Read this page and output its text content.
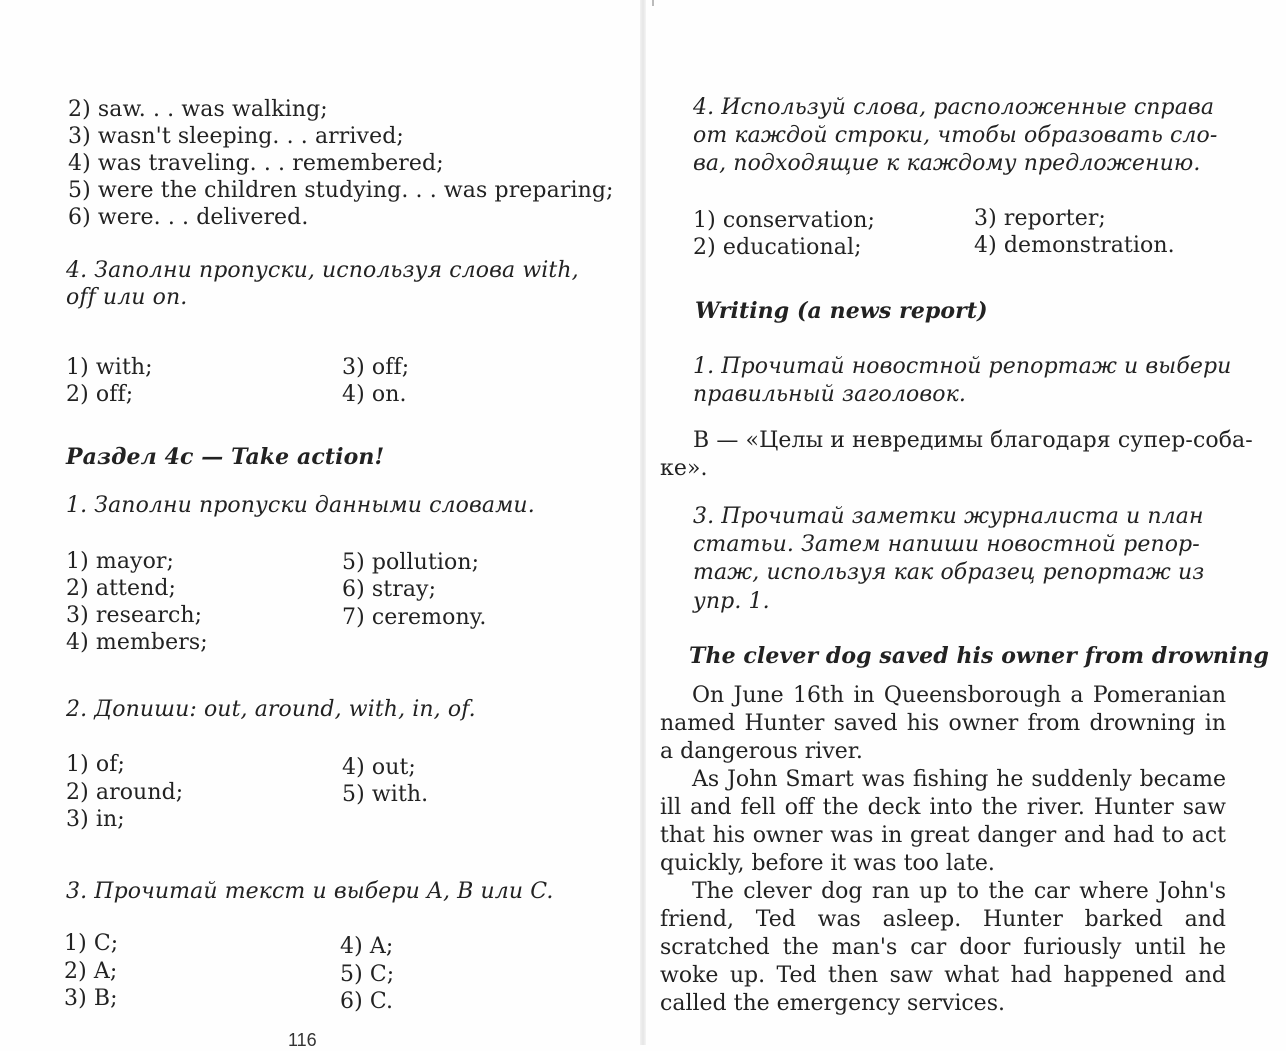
2) saw. . . was walking;
3) wasn't sleeping. . . arrived;
4) was traveling. . . remembered;
5) were the children studying. . . was preparing;
6) were. . . delivered.
4. Заполни пропуски, используя слова with,
off или on.
1) with;
2) off;
3) off;
4) on.
Раздел 4c — Take action!
1. Заполни пропуски данными словами.
1) mayor;
2) attend;
3) research;
4) members;
5) pollution;
6) stray;
7) ceremony.
2. Допиши: out, around, with, in, of.
1) of;
2) around;
3) in;
4) out;
5) with.
3. Прочитай текст и выбери A, B или C.
1) C;
2) A;
3) B;
4) A;
5) C;
6) C.
116
4. Используй слова, расположенные справа
от каждой строки, чтобы образовать сло-
ва, подходящие к каждому предложению.
1) conservation;
2) educational;
3) reporter;
4) demonstration.
Writing (a news report)
1. Прочитай новостной репортаж и выбери
правильный заголовок.
B — «Целы и невредимы благодаря супер-соба-
ке».
3. Прочитай заметки журналиста и план
статьи. Затем напиши новостной репор-
таж, используя как образец репортаж из
упр. 1.
The clever dog saved his owner from drowning
On June 16th in Queensborough a Pomeranian named Hunter saved his owner from drowning in a dangerous river.
As John Smart was fishing he suddenly became ill and fell off the deck into the river. Hunter saw that his owner was in great danger and had to act quickly, before it was too late.
The clever dog ran up to the car where John's friend, Ted was asleep. Hunter barked and scratched the man's car door furiously until he woke up. Ted then saw what had happened and called the emergency services.
